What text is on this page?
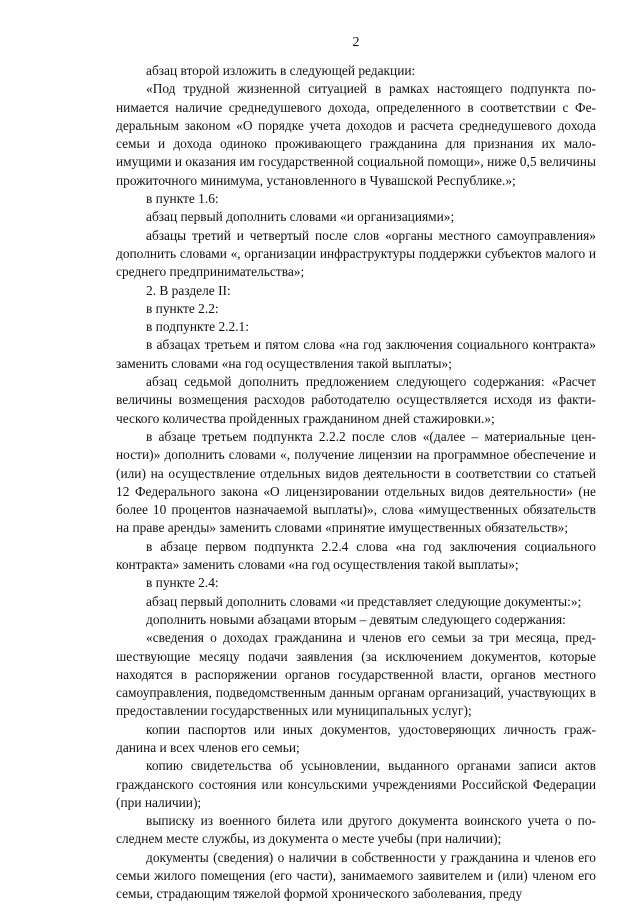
2

абзац второй изложить в следующей редакции:

«Под трудной жизненной ситуацией в рамках настоящего подпункта понимается наличие среднедушевого дохода, определенного в соответствии с Федеральным законом «О порядке учета доходов и расчета среднедушевого дохода семьи и дохода одиноко проживающего гражданина для признания их малоимущими и оказания им государственной социальной помощи», ниже 0,5 величины прожиточного минимума, установленного в Чувашской Республике.»;

в пункте 1.6:

абзац первый дополнить словами «и организациями»;

абзацы третий и четвертый после слов «органы местного самоуправления» дополнить словами «, организации инфраструктуры поддержки субъектов малого и среднего предпринимательства»;

2. В разделе II:

в пункте 2.2:

в подпункте 2.2.1:

в абзацах третьем и пятом слова «на год заключения социального контракта» заменить словами «на год осуществления такой выплаты»;

абзац седьмой дополнить предложением следующего содержания: «Расчет величины возмещения расходов работодателю осуществляется исходя из фактического количества пройденных гражданином дней стажировки.»;

в абзаце третьем подпункта 2.2.2 после слов «(далее – материальные ценности)» дополнить словами «, получение лицензии на программное обеспечение и (или) на осуществление отдельных видов деятельности в соответствии со статьей 12 Федерального закона «О лицензировании отдельных видов деятельности» (не более 10 процентов назначаемой выплаты)», слова «имущественных обязательств на праве аренды» заменить словами «принятие имущественных обязательств»;

в абзаце первом подпункта 2.2.4 слова «на год заключения социального контракта» заменить словами «на год осуществления такой выплаты»;

в пункте 2.4:

абзац первый дополнить словами «и представляет следующие документы:»;

дополнить новыми абзацами вторым – девятым следующего содержания:

«сведения о доходах гражданина и членов его семьи за три месяца, предшествующие месяцу подачи заявления (за исключением документов, которые находятся в распоряжении органов государственной власти, органов местного самоуправления, подведомственным данным органам организаций, участвующих в предоставлении государственных или муниципальных услуг);

копии паспортов или иных документов, удостоверяющих личность гражданина и всех членов его семьи;

копию свидетельства об усыновлении, выданного органами записи актов гражданского состояния или консульскими учреждениями Российской Федерации (при наличии);

выписку из военного билета или другого документа воинского учета о последнем месте службы, из документа о месте учебы (при наличии);

документы (сведения) о наличии в собственности у гражданина и членов его семьи жилого помещения (его части), занимаемого заявителем и (или) членом его семьи, страдающим тяжелой формой хронического заболевания, преду
